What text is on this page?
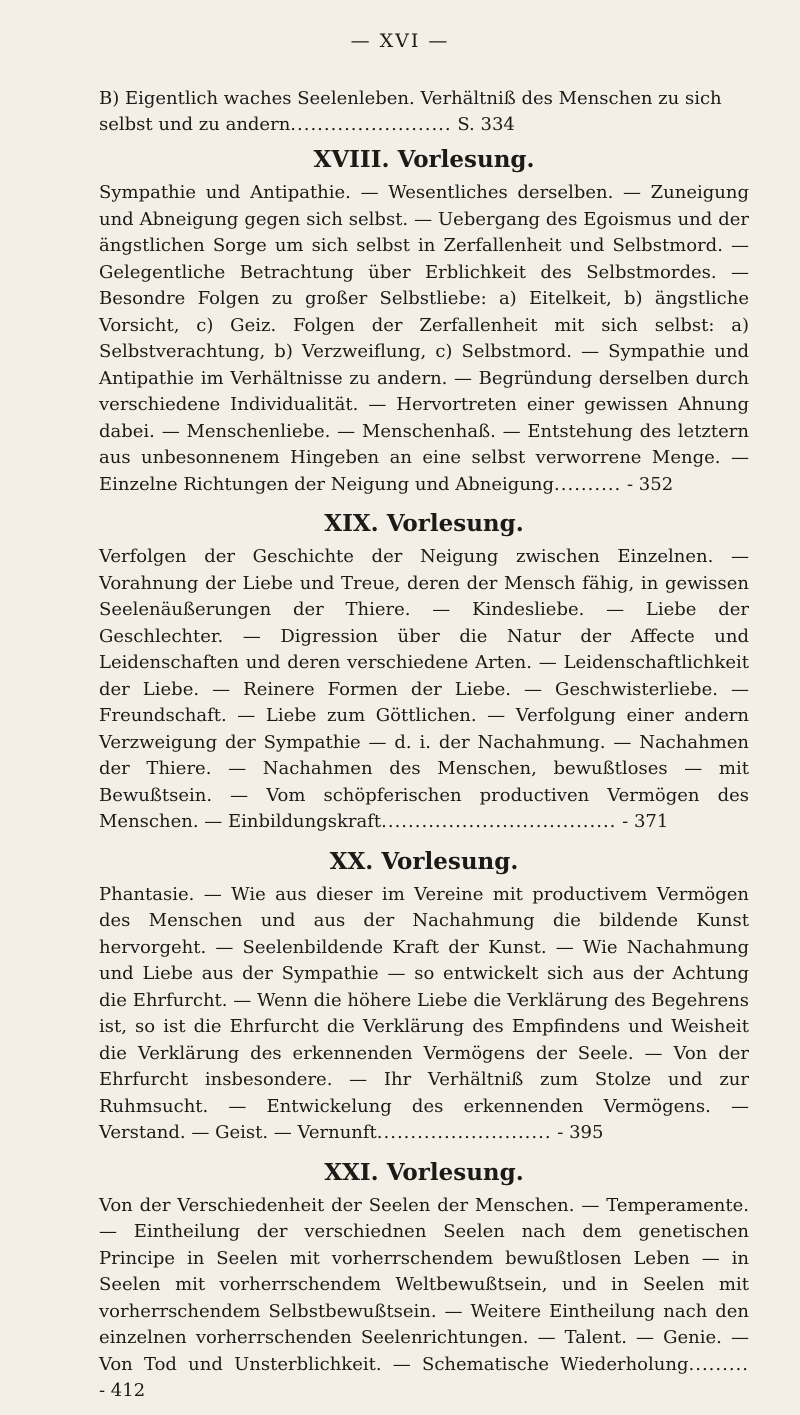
— XVI —

B) Eigentlich waches Seelenleben. Verhältniß des Menschen zu sich selbst und zu andern........................ S. 334

XVIII. Vorlesung.
Sympathie und Antipathie. — Wesentliches derselben. — Zuneigung und Abneigung gegen sich selbst. — Uebergang des Egoismus und der ängstlichen Sorge um sich selbst in Zerfallenheit und Selbstmord. — Gelegentliche Betrachtung über Erblichkeit des Selbstmordes. — Besondre Folgen zu großer Selbstliebe: a) Eitelkeit, b) ängstliche Vorsicht, c) Geiz. Folgen der Zerfallenheit mit sich selbst: a) Selbstverachtung, b) Verzweiflung, c) Selbstmord. — Sympathie und Antipathie im Verhältnisse zu andern. — Begründung derselben durch verschiedene Individualität. — Hervortreten einer gewissen Ahnung dabei. — Menschenliebe. — Menschenhaß. — Entstehung des letztern aus unbesonnenem Hingeben an eine selbst verworrene Menge. — Einzelne Richtungen der Neigung und Abneigung.......... - 352
XIX. Vorlesung.
Verfolgen der Geschichte der Neigung zwischen Einzelnen. — Vorahnung der Liebe und Treue, deren der Mensch fähig, in gewissen Seelenäußerungen der Thiere. — Kindesliebe. — Liebe der Geschlechter. — Digression über die Natur der Affecte und Leidenschaften und deren verschiedene Arten. — Leidenschaftlichkeit der Liebe. — Reinere Formen der Liebe. — Geschwisterliebe. — Freundschaft. — Liebe zum Göttlichen. — Verfolgung einer andern Verzweigung der Sympathie — d. i. der Nachahmung. — Nachahmen der Thiere. — Nachahmen des Menschen, bewußtloses — mit Bewußtsein. — Vom schöpferischen productiven Vermögen des Menschen. — Einbildungskraft................................... - 371
XX. Vorlesung.
Phantasie. — Wie aus dieser im Vereine mit productivem Vermögen des Menschen und aus der Nachahmung die bildende Kunst hervorgeht. — Seelenbildende Kraft der Kunst. — Wie Nachahmung und Liebe aus der Sympathie — so entwickelt sich aus der Achtung die Ehrfurcht. — Wenn die höhere Liebe die Verklärung des Begehrens ist, so ist die Ehrfurcht die Verklärung des Empfindens und Weisheit die Verklärung des erkennenden Vermögens der Seele. — Von der Ehrfurcht insbesondere. — Ihr Verhältniß zum Stolze und zur Ruhmsucht. — Entwickelung des erkennenden Vermögens. — Verstand. — Geist. — Vernunft.......................... - 395
XXI. Vorlesung.
Von der Verschiedenheit der Seelen der Menschen. — Temperamente. — Eintheilung der verschiednen Seelen nach dem genetischen Principe in Seelen mit vorherrschendem bewußtlosen Leben — in Seelen mit vorherrschendem Weltbewußtsein, und in Seelen mit vorherrschendem Selbstbewußtsein. — Weitere Eintheilung nach den einzelnen vorherrschenden Seelenrichtungen. — Talent. — Genie. — Von Tod und Unsterblichkeit. — Schematische Wiederholung......... - 412
